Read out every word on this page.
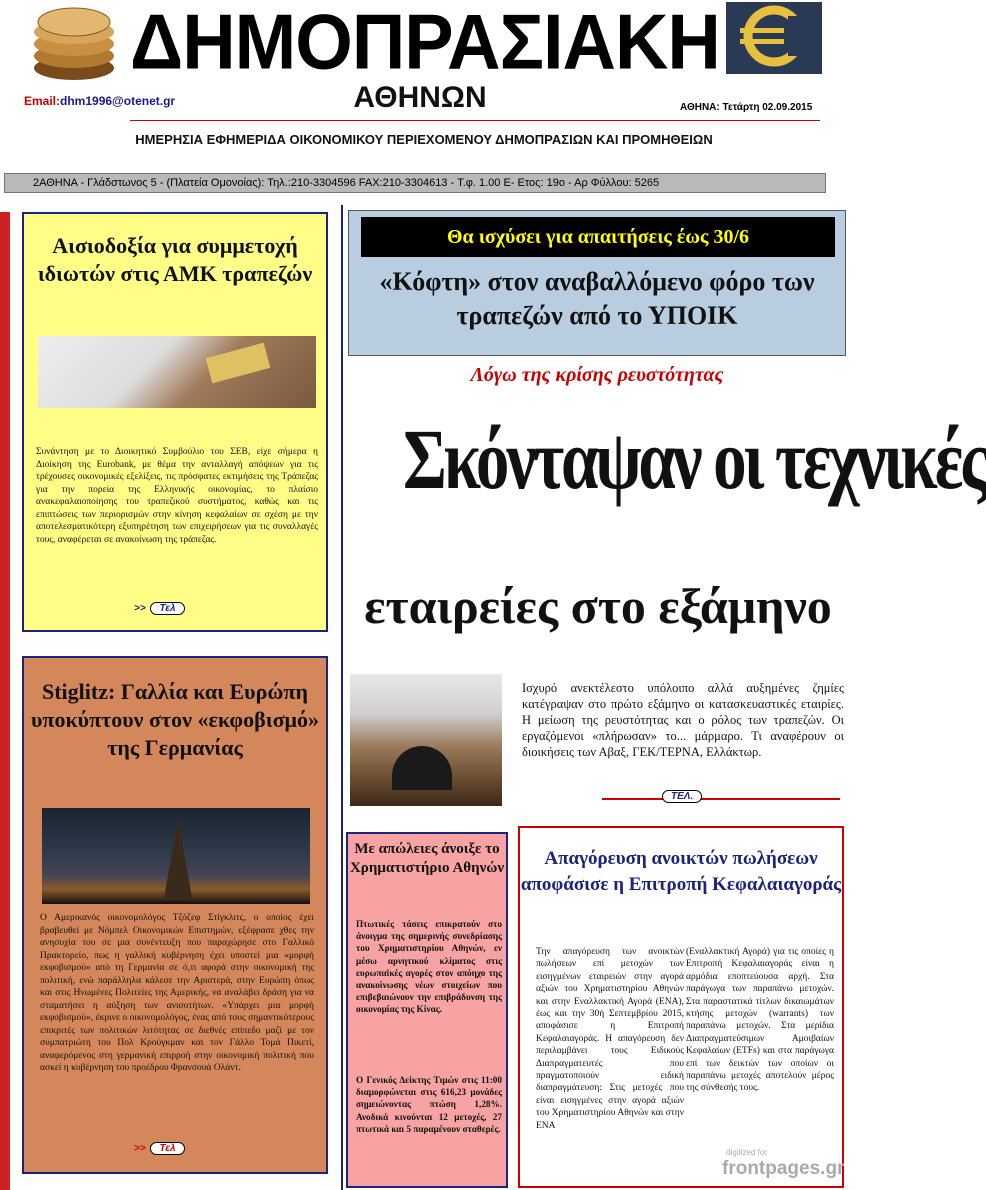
ΔΗΜΟΠΡΑΣΙΑΚΗ
ΑΘΗΝΩΝ
Email:dhm1996@otenet.gr	ΑΘΗΝΑ: Τετάρτη 02.09.2015
ΗΜΕΡΗΣΙΑ ΕΦΗΜΕΡΙΔΑ ΟΙΚΟΝΟΜΙΚΟΥ ΠΕΡΙΕΧΟΜΕΝΟΥ ΔΗΜΟΠΡΑΣΙΩΝ ΚΑΙ ΠΡΟΜΗΘΕΙΩΝ
2ΑΘΗΝΑ - Γλάδστωνος 5 - (Πλατεία Ομονοίας): Τηλ.:210-3304596 FAX:210-3304613 - Τ.φ. 1.00 Ε- Ετος: 19ο - Αρ Φύλλου: 5265
Αισιοδοξία για συμμετοχή ιδιωτών στις ΑΜΚ τραπεζών

Συνάντηση με το Διοικητικό Συμβούλιο του ΣΕΒ, είχε σήμερα η Διοίκηση της Eurobank, με θέμα την ανταλλαγή απόψεων για τις τρέχουσες οικονομικές εξελίξεις, τις πρόσφατες εκτιμήσεις της Τράπεζας για την πορεία της Ελληνικής οικονομίας, το πλαίσιο ανακεφαλαιοποίησης του τραπεζικού συστήματος, καθώς και τις επιπτώσεις των περιορισμών στην κίνηση κεφαλαίων σε σχέση με την αποτελεσματικότερη εξυπηρέτηση των επιχειρήσεων για τις συναλλαγές τους, αναφέρεται σε ανακοίνωση της τράπεζας.

>> Τελ
Stiglitz: Γαλλία και Ευρώπη υποκύπτουν στον «εκφοβισμό» της Γερμανίας

Ο Αμερικανός οικονομολόγος Τζόζεφ Στίγκλιτς, ο οποίος έχει βραβευθεί με Νόμπελ Οικονομικών Επιστημών, εξέφρασε χθες την ανησυχία του σε μια συνέντευξη που παραχώρησε στο Γαλλικό Πρακτορείο, πως η γαλλική κυβέρνηση έχει υποστεί μια «μορφή εκφοβισμού» από τη Γερμανία σε ό,τι αφορά στην οικονομική της πολιτική, ενώ παράλληλα κάλεσε την Αριστερά, στην Ευρώπη όπως και στις Ηνωμένες Πολιτείες της Αμερικής, να αναλάβει δράση για να σταματήσει η αύξηση των ανισοτήτων. «Υπάρχει μια μορφή εκφοβισμού», έκρινε ο οικονομολόγος, ένας από τους σημαντικότερους επικριτές των πολιτικών λιτότητας σε διεθνές επίπεδο μαζί με τον συμπατριώτη του Πολ Κρούγκμαν και τον Γάλλο Τομά Πικετί, αναφερόμενος στη γερμανική επιρροή στην οικονομική πολιτική που ασκεί η κυβέρνηση του προέδρου Φρανσουά Ολάντ.

>> Τελ
Θα ισχύσει για απαιτήσεις έως 30/6
«Κόφτη» στον αναβαλλόμενο φόρο των τραπεζών από το ΥΠΟΙΚ
Λόγω της κρίσης ρευστότητας
Σκόνταψαν οι τεχνικές
εταιρείες στο εξάμηνο
Ισχυρό ανεκτέλεστο υπόλοιπο αλλά αυξημένες ζημίες κατέγραψαν στο πρώτο εξάμηνο οι κατασκευαστικές εταιρίες. Η μείωση της ρευστότητας και ο ρόλος των τραπεζών. Οι εργαζόμενοι «πλήρωσαν» το... μάρμαρο. Τι αναφέρουν οι διοικήσεις των Αβαξ, ΓΕΚ/ΤΕΡΝΑ, Ελλάκτωρ.
ΤΕΛ.
Με απώλειες άνοιξε το Χρηματιστήριο Αθηνών

Πτωτικές τάσεις επικρατούν στο άνοιγμα της σημερινής συνεδρίασης του Χρηματιστηρίου Αθηνών, εν μέσω αρνητικού κλίματος στις ευρωπαϊκές αγορές στον απόηχο της ανακοίνωσης νέων στοιχείων που επιβεβαιώνουν την επιβράδυνση της οικονομίας της Κίνας.

Ο Γενικός Δείκτης Τιμών στις 11:00 διαμορφώνεται στις 616,23 μονάδες σημειώνοντας πτώση 1,28%. Ανοδικά κινούνται 12 μετοχές, 27 πτωτικά και 5 παραμένουν σταθερές.

Απαγόρευση ανοικτών πωλήσεων αποφάσισε η Επιτροπή Κεφαλαιαγοράς
Την απαγόρευση των ανοικτών πωλήσεων επί μετοχών των εισηγμένων εταιρειών στην αγορά αξιών του Χρηματιστηρίου Αθηνών και στην Εναλλακτική Αγορά (ΕΝΑ), έως και την 30ή Σεπτεμβρίου 2015, αποφάσισε η Επιτροπή Κεφαλαιαγοράς. Η απαγόρευση δεν περιλαμβάνει τους Ειδικούς Διαπραγματευτές που πραγματοποιούν ειδική διαπραγμάτευση: Στις μετοχές που είναι εισηγμένες στην αγορά αξιών του Χρηματιστηρίου Αθηνών και στην ΕΝΑ
(Εναλλακτική Αγορά) για τις οποίες η Επιτροπή Κεφαλαιαγοράς είναι η αρμόδια εποπτεύουσα αρχή. Στα παράγωγα των παραπάνω μετοχών. Στα παραστατικά τίτλων δικαιωμάτων κτήσης μετοχών (warrants) των παραπάνω μετοχών. Στα μερίδια Διαπραγματεύσιμων Αμοιβαίων Κεφαλαίων (ETFs) και στα παράγωγα επί των δεικτών των οποίων οι παραπάνω μετοχές αποτελούν μέρος της σύνθεσής τους.
digitized for
frontpages.gr
